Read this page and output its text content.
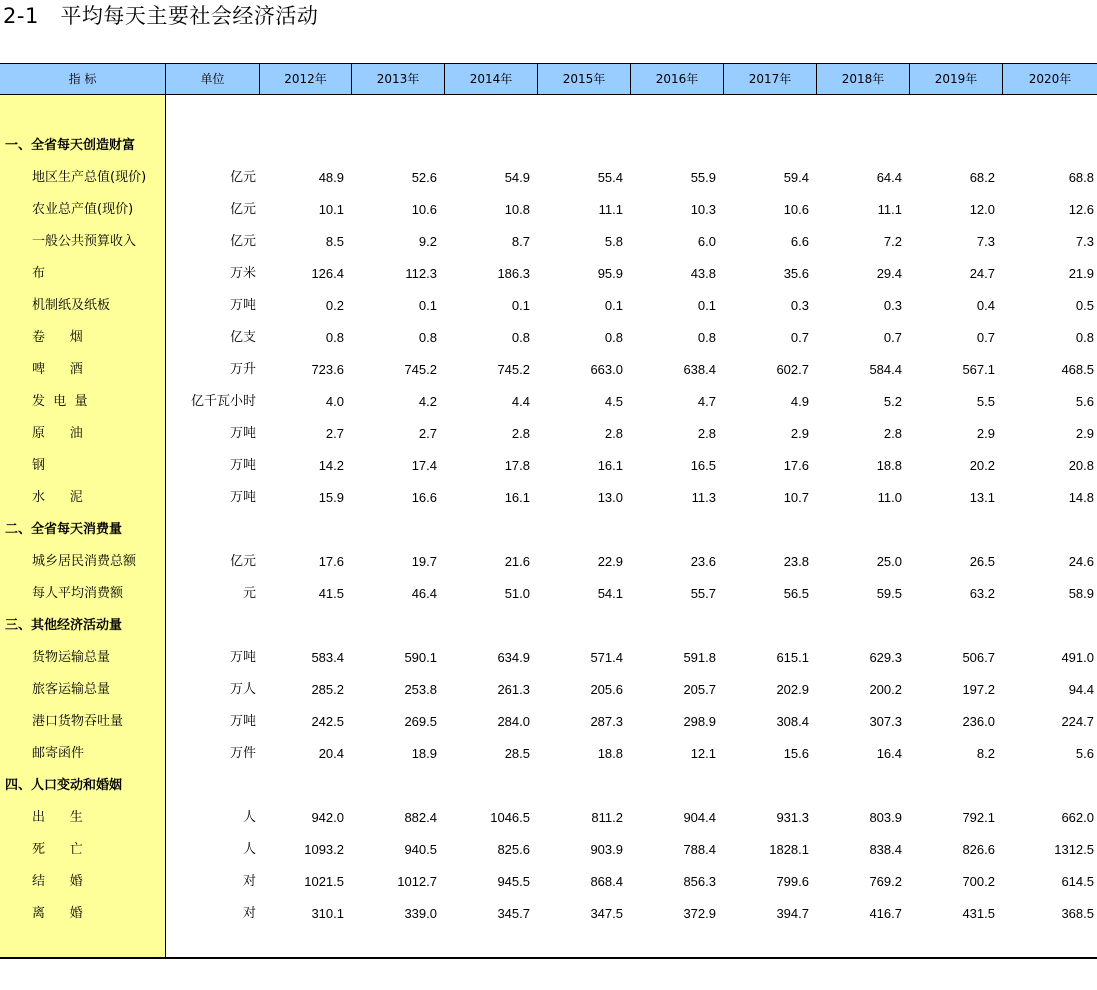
2-1   平均每天主要社会经济活动
指 标	单位	2012年	2013年	2014年	2015年	2016年	2017年	2018年	2019年	2020年
一、全省每天创造财富
地区生产总值(现价)	亿元	48.9	52.6	54.9	55.4	55.9	59.4	64.4	68.2	68.8
农业总产值(现价)	亿元	10.1	10.6	10.8	11.1	10.3	10.6	11.1	12.0	12.6
一般公共预算收入	亿元	8.5	9.2	8.7	5.8	6.0	6.6	7.2	7.3	7.3
布	万米	126.4	112.3	186.3	95.9	43.8	35.6	29.4	24.7	21.9
机制纸及纸板	万吨	0.2	0.1	0.1	0.1	0.1	0.3	0.3	0.4	0.5
卷      烟	亿支	0.8	0.8	0.8	0.8	0.8	0.7	0.7	0.7	0.8
啤      酒	万升	723.6	745.2	745.2	663.0	638.4	602.7	584.4	567.1	468.5
发  电  量	亿千瓦小时	4.0	4.2	4.4	4.5	4.7	4.9	5.2	5.5	5.6
原      油	万吨	2.7	2.7	2.8	2.8	2.8	2.9	2.8	2.9	2.9
钢	万吨	14.2	17.4	17.8	16.1	16.5	17.6	18.8	20.2	20.8
水      泥	万吨	15.9	16.6	16.1	13.0	11.3	10.7	11.0	13.1	14.8
二、全省每天消费量
城乡居民消费总额	亿元	17.6	19.7	21.6	22.9	23.6	23.8	25.0	26.5	24.6
每人平均消费额	元	41.5	46.4	51.0	54.1	55.7	56.5	59.5	63.2	58.9
三、其他经济活动量
货物运输总量	万吨	583.4	590.1	634.9	571.4	591.8	615.1	629.3	506.7	491.0
旅客运输总量	万人	285.2	253.8	261.3	205.6	205.7	202.9	200.2	197.2	94.4
港口货物吞吐量	万吨	242.5	269.5	284.0	287.3	298.9	308.4	307.3	236.0	224.7
邮寄函件	万件	20.4	18.9	28.5	18.8	12.1	15.6	16.4	8.2	5.6
四、人口变动和婚姻
出      生	人	942.0	882.4	1046.5	811.2	904.4	931.3	803.9	792.1	662.0
死      亡	人	1093.2	940.5	825.6	903.9	788.4	1828.1	838.4	826.6	1312.5
结      婚	对	1021.5	1012.7	945.5	868.4	856.3	799.6	769.2	700.2	614.5
离      婚	对	310.1	339.0	345.7	347.5	372.9	394.7	416.7	431.5	368.5
